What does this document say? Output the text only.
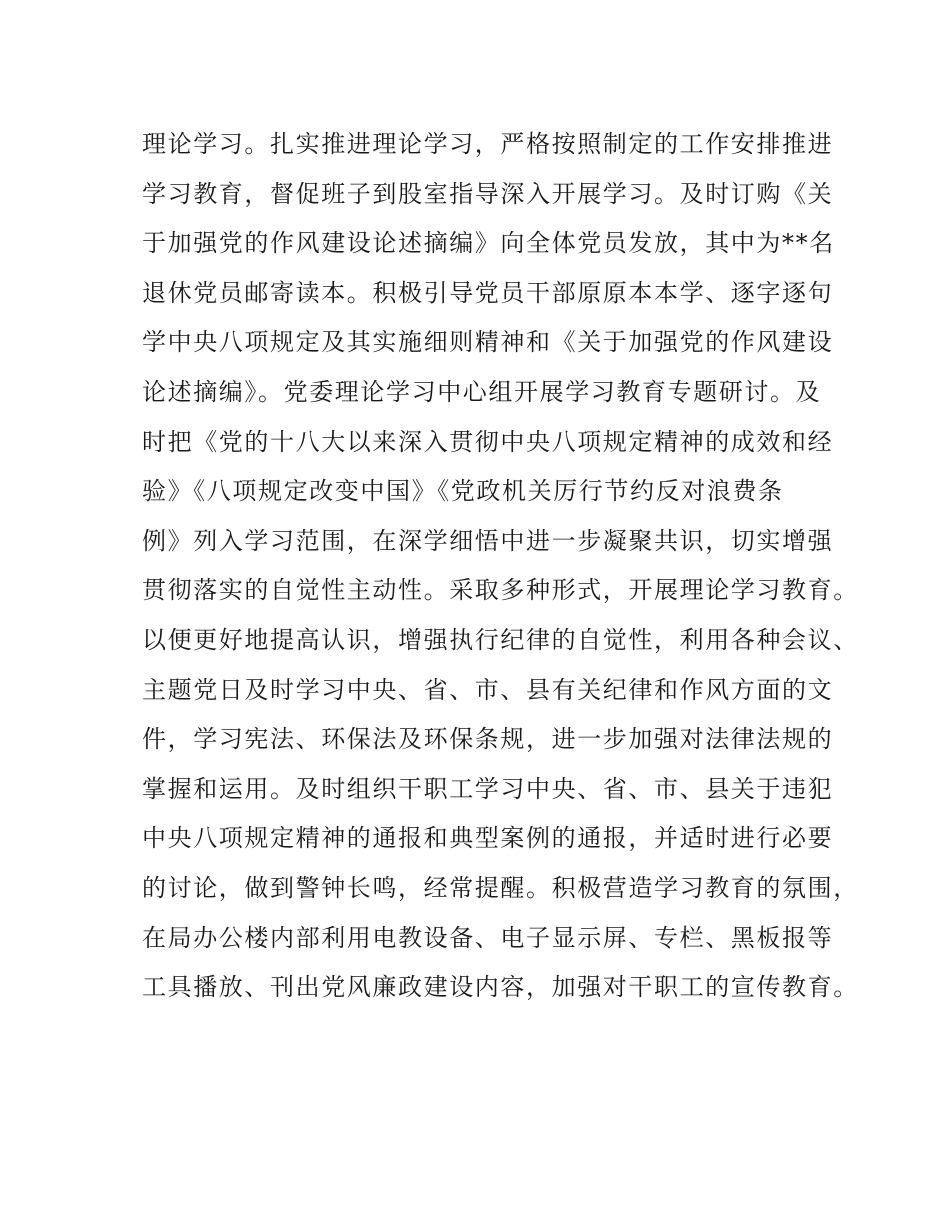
理论学习。扎实推进理论学习，严格按照制定的工作安排推进
学习教育，督促班子到股室指导深入开展学习。及时订购《关
于加强党的作风建设论述摘编》向全体党员发放，其中为**名
退休党员邮寄读本。积极引导党员干部原原本本学、逐字逐句
学中央八项规定及其实施细则精神和《关于加强党的作风建设
论述摘编》。党委理论学习中心组开展学习教育专题研讨。及
时把《党的十八大以来深入贯彻中央八项规定精神的成效和经
验》《八项规定改变中国》《党政机关厉行节约反对浪费条
例》列入学习范围，在深学细悟中进一步凝聚共识，切实增强
贯彻落实的自觉性主动性。采取多种形式，开展理论学习教育。
以便更好地提高认识，增强执行纪律的自觉性，利用各种会议、
主题党日及时学习中央、省、市、县有关纪律和作风方面的文
件，学习宪法、环保法及环保条规，进一步加强对法律法规的
掌握和运用。及时组织干职工学习中央、省、市、县关于违犯
中央八项规定精神的通报和典型案例的通报，并适时进行必要
的讨论，做到警钟长鸣，经常提醒。积极营造学习教育的氛围，
在局办公楼内部利用电教设备、电子显示屏、专栏、黑板报等
工具播放、刊出党风廉政建设内容，加强对干职工的宣传教育。
